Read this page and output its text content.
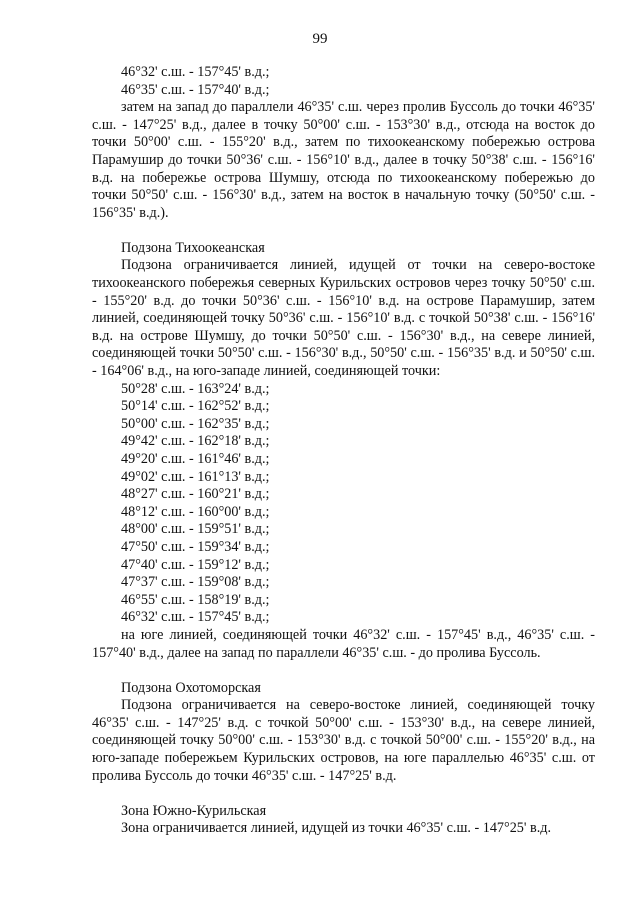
99

46°32' с.ш. - 157°45' в.д.;

46°35' с.ш. - 157°40' в.д.;

затем на запад до параллели 46°35' с.ш. через пролив Буссоль до точки 46°35' с.ш. - 147°25' в.д., далее в точку 50°00' с.ш. - 153°30' в.д., отсюда на восток до точки 50°00' с.ш. - 155°20' в.д., затем по тихоокеанскому побережью острова Парамушир до точки 50°36' с.ш. - 156°10' в.д., далее в точку 50°38' с.ш. - 156°16' в.д. на побережье острова Шумшу, отсюда по тихоокеанскому побережью до точки 50°50' с.ш. - 156°30' в.д., затем на восток в начальную точку (50°50' с.ш. - 156°35' в.д.).

Подзона Тихоокеанская

Подзона ограничивается линией, идущей от точки на северо-востоке тихоокеанского побережья северных Курильских островов через точку 50°50' с.ш. - 155°20' в.д. до точки 50°36' с.ш. - 156°10' в.д. на острове Парамушир, затем линией, соединяющей точку 50°36' с.ш. - 156°10' в.д. с точкой 50°38' с.ш. - 156°16' в.д. на острове Шумшу, до точки 50°50' с.ш. - 156°30' в.д., на севере линией, соединяющей точки 50°50' с.ш. - 156°30' в.д., 50°50' с.ш. - 156°35' в.д. и 50°50' с.ш. - 164°06' в.д., на юго-западе линией, соединяющей точки:

50°28' с.ш. - 163°24' в.д.;

50°14' с.ш. - 162°52' в.д.;

50°00' с.ш. - 162°35' в.д.;

49°42' с.ш. - 162°18' в.д.;

49°20' с.ш. - 161°46' в.д.;

49°02' с.ш. - 161°13' в.д.;

48°27' с.ш. - 160°21' в.д.;

48°12' с.ш. - 160°00' в.д.;

48°00' с.ш. - 159°51' в.д.;

47°50' с.ш. - 159°34' в.д.;

47°40' с.ш. - 159°12' в.д.;

47°37' с.ш. - 159°08' в.д.;

46°55' с.ш. - 158°19' в.д.;

46°32' с.ш. - 157°45' в.д.;

на юге линией, соединяющей точки 46°32' с.ш. - 157°45' в.д., 46°35' с.ш. - 157°40' в.д., далее на запад по параллели 46°35' с.ш. - до пролива Буссоль.

Подзона Охотоморская

Подзона ограничивается на северо-востоке линией, соединяющей точку 46°35' с.ш. - 147°25' в.д. с точкой 50°00' с.ш. - 153°30' в.д., на севере линией, соединяющей точку 50°00' с.ш. - 153°30' в.д. с точкой 50°00' с.ш. - 155°20' в.д., на юго-западе побережьем Курильских островов, на юге параллелью 46°35' с.ш. от пролива Буссоль до точки 46°35' с.ш. - 147°25' в.д.

Зона Южно-Курильская

Зона ограничивается линией, идущей из точки 46°35' с.ш. - 147°25' в.д.
